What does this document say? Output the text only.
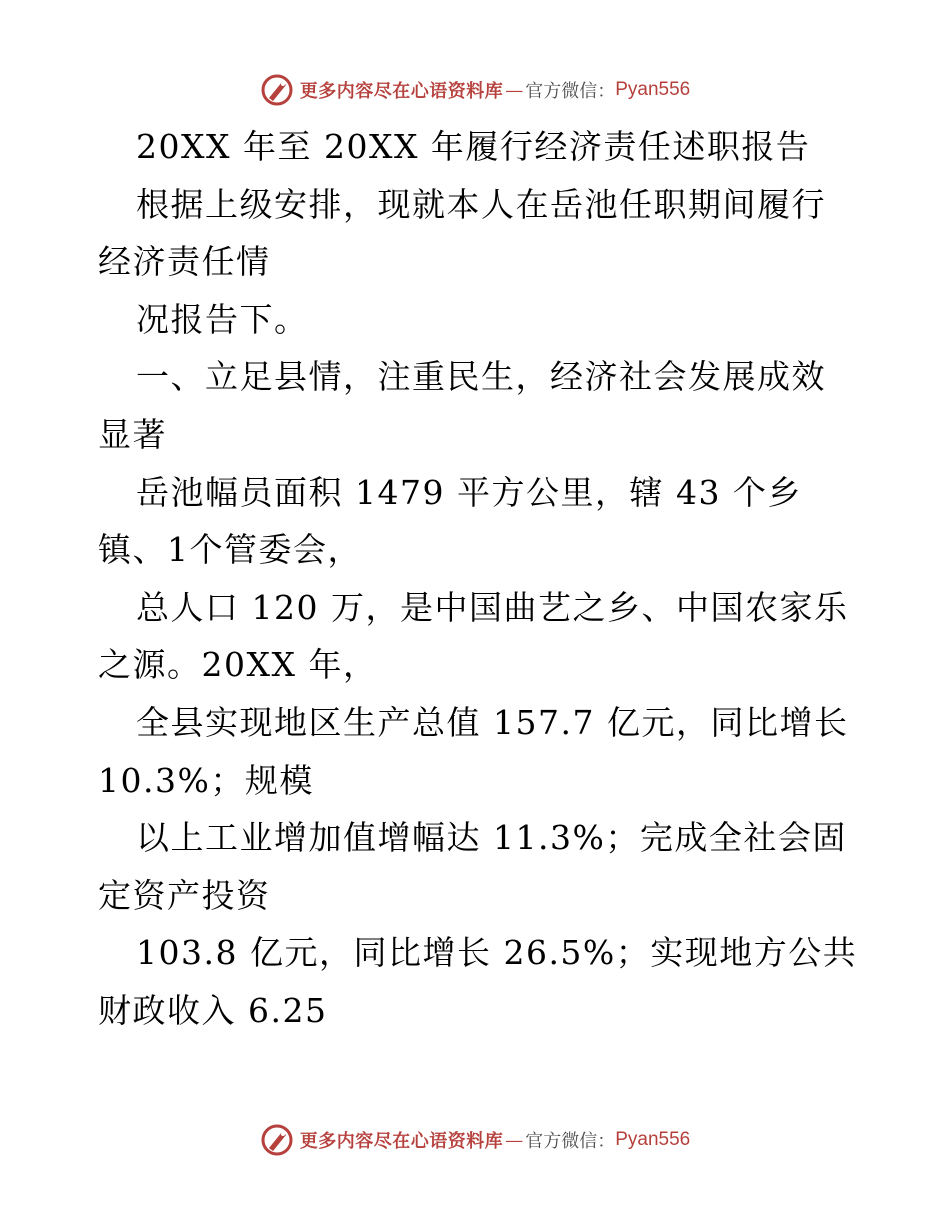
更多内容尽在心语资料库 — 官方微信： Pyan556

20XX 年至 20XX 年履行经济责任述职报告

根据上级安排，现就本人在岳池任职期间履行经济责任情

况报告下。

一、立足县情，注重民生，经济社会发展成效显著

岳池幅员面积 1479 平方公里，辖 43 个乡镇、1个管委会，

总人口 120 万，是中国曲艺之乡、中国农家乐之源。20XX 年，

全县实现地区生产总值 157.7 亿元，同比增长 10.3%；规模

以上工业增加值增幅达 11.3%；完成全社会固定资产投资

103.8 亿元，同比增长 26.5%；实现地方公共财政收入 6.25

更多内容尽在心语资料库 — 官方微信： Pyan556
